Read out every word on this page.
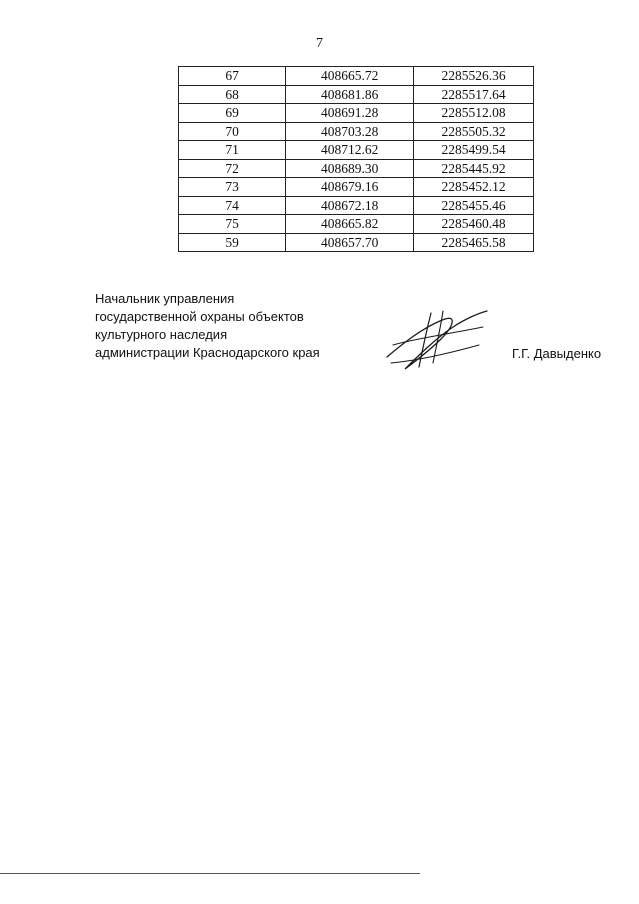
7
67	408665.72	2285526.36
68	408681.86	2285517.64
69	408691.28	2285512.08
70	408703.28	2285505.32
71	408712.62	2285499.54
72	408689.30	2285445.92
73	408679.16	2285452.12
74	408672.18	2285455.46
75	408665.82	2285460.48
59	408657.70	2285465.58
Начальник управления
государственной охраны объектов
культурного наследия
администрации Краснодарского края	Г.Г. Давыденко
